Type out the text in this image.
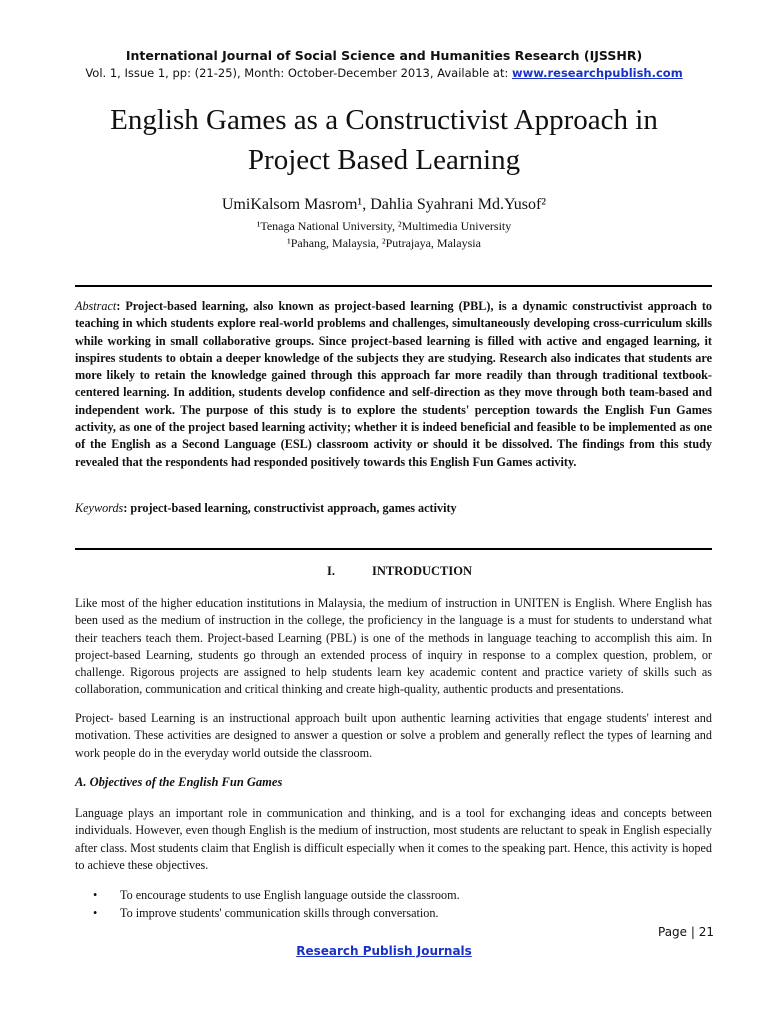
International Journal of Social Science and Humanities Research (IJSSHR)
Vol. 1, Issue 1, pp: (21-25), Month: October-December 2013, Available at: www.researchpublish.com
English Games as a Constructivist Approach in
Project Based Learning
UmiKalsom Masrom¹, Dahlia Syahrani Md.Yusof²
¹Tenaga National University, ²Multimedia University
¹Pahang, Malaysia, ²Putrajaya, Malaysia
Abstract: Project-based learning, also known as project-based learning (PBL), is a dynamic constructivist approach to teaching in which students explore real-world problems and challenges, simultaneously developing cross-curriculum skills while working in small collaborative groups. Since project-based learning is filled with active and engaged learning, it inspires students to obtain a deeper knowledge of the subjects they are studying. Research also indicates that students are more likely to retain the knowledge gained through this approach far more readily than through traditional textbook-centered learning. In addition, students develop confidence and self-direction as they move through both team-based and independent work. The purpose of this study is to explore the students' perception towards the English Fun Games activity, as one of the project based learning activity; whether it is indeed beneficial and feasible to be implemented as one of the English as a Second Language (ESL) classroom activity or should it be dissolved. The findings from this study revealed that the respondents had responded positively towards this English Fun Games activity.
Keywords: project-based learning, constructivist approach, games activity
I.	INTRODUCTION
Like most of the higher education institutions in Malaysia, the medium of instruction in UNITEN is English. Where English has been used as the medium of instruction in the college, the proficiency in the language is a must for students to understand what their teachers teach them. Project-based Learning (PBL) is one of the methods in language teaching to accomplish this aim. In project-based Learning, students go through an extended process of inquiry in response to a complex question, problem, or challenge. Rigorous projects are assigned to help students learn key academic content and practice variety of skills such as collaboration, communication and critical thinking and create high-quality, authentic products and presentations.
Project- based Learning is an instructional approach built upon authentic learning activities that engage students' interest and motivation. These activities are designed to answer a question or solve a problem and generally reflect the types of learning and work people do in the everyday world outside the classroom.
A. Objectives of the English Fun Games
Language plays an important role in communication and thinking, and is a tool for exchanging ideas and concepts between individuals. However, even though English is the medium of instruction, most students are reluctant to speak in English especially after class. Most students claim that English is difficult especially when it comes to the speaking part. Hence, this activity is hoped to achieve these objectives.
• To encourage students to use English language outside the classroom.
• To improve students' communication skills through conversation.
Page | 21
Research Publish Journals
